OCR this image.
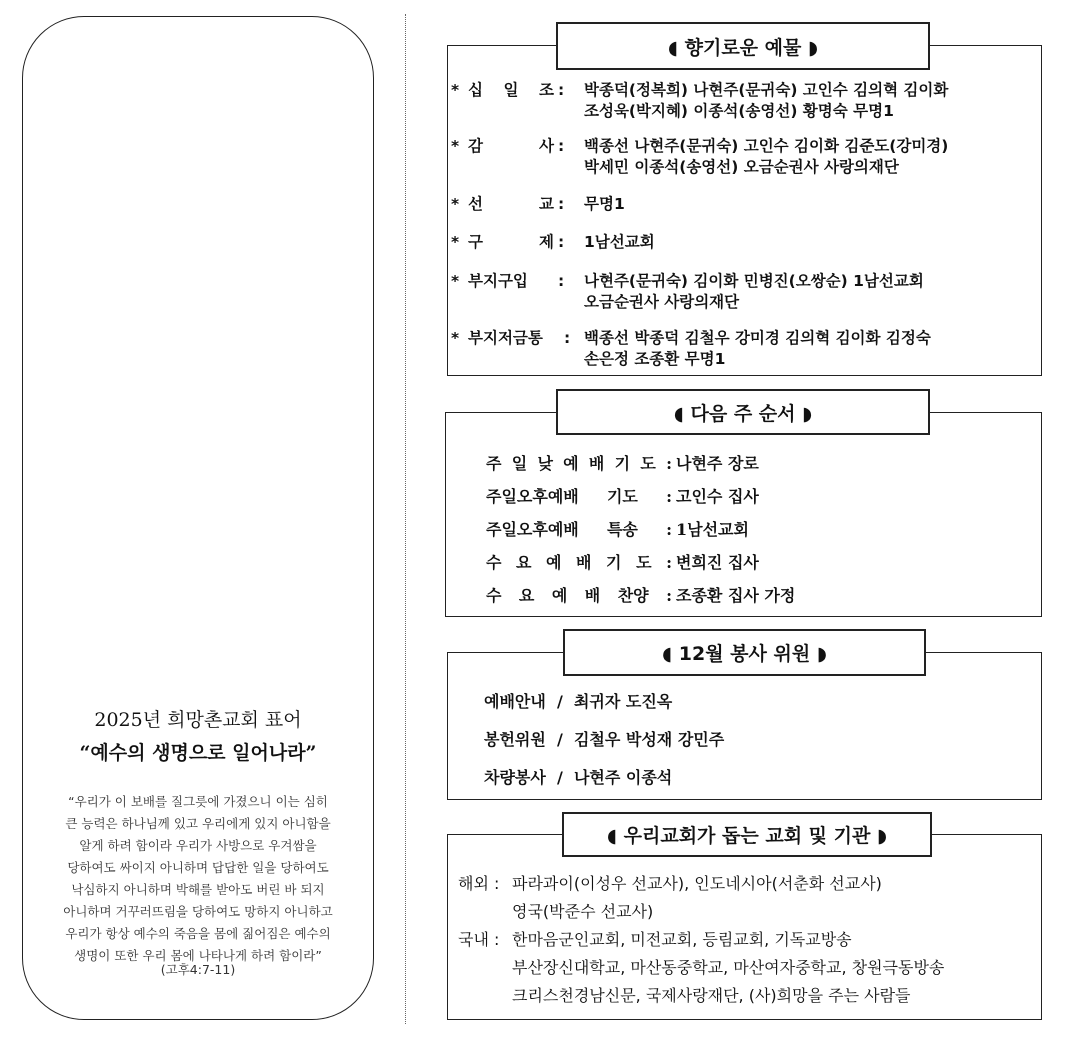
2025년 희망촌교회 표어
“예수의 생명으로 일어나라”
“우리가 이 보배를 질그릇에 가졌으니 이는 심히
큰 능력은 하나님께 있고 우리에게 있지 아니함을
알게 하려 함이라 우리가 사방으로 우겨쌈을
당하여도 싸이지 아니하며 답답한 일을 당하여도
낙심하지 아니하며 박해를 받아도 버린 바 되지
아니하며 거꾸러뜨림을 당하여도 망하지 아니하고
우리가 항상 예수의 죽음을 몸에 짊어짐은 예수의
생명이 또한 우리 몸에 나타나게 하려 함이라”
(고후4:7-11)
* 십 일 조 : 박종덕(정복희) 나현주(문귀숙) 고인수 김의혁 김이화
조성욱(박지혜) 이종석(송영선) 황명숙 무명1
* 감	사 : 백종선 나현주(문귀숙) 고인수 김이화 김준도(강미경)
박세민 이종석(송영선) 오금순권사 사랑의재단
* 선	교 : 무명1
* 구	제 : 1남선교회
* 부지구입 : 나현주(문귀숙) 김이화 민병진(오쌍순) 1남선교회
오금순권사 사랑의재단
* 부지저금통 : 백종선 박종덕 김철우 강미경 김의혁 김이화 김정숙
손은정 조종환 무명1
◖ 향기로운 예물 ◗
주 일 낮 예 배 기 도 : 나현주 장로
주일오후예배 기도 : 고인수 집사
주일오후예배 특송 : 1남선교회
수 요 예 배 기 도 : 변희진 집사
수 요 예 배 찬양 : 조종환 집사 가정
◖ 다음 주 순서 ◗
예배안내 / 최귀자 도진옥
봉헌위원 / 김철우 박성재 강민주
차량봉사 / 나현주 이종석
◖ 12월 봉사 위원 ◗
해외 : 파라과이(이성우 선교사), 인도네시아(서춘화 선교사)
영국(박준수 선교사)
국내 : 한마음군인교회, 미전교회, 등림교회, 기독교방송
부산장신대학교, 마산동중학교, 마산여자중학교, 창원극동방송
크리스천경남신문, 국제사랑재단, (사)희망을 주는 사람들
◖ 우리교회가 돕는 교회 및 기관 ◗
